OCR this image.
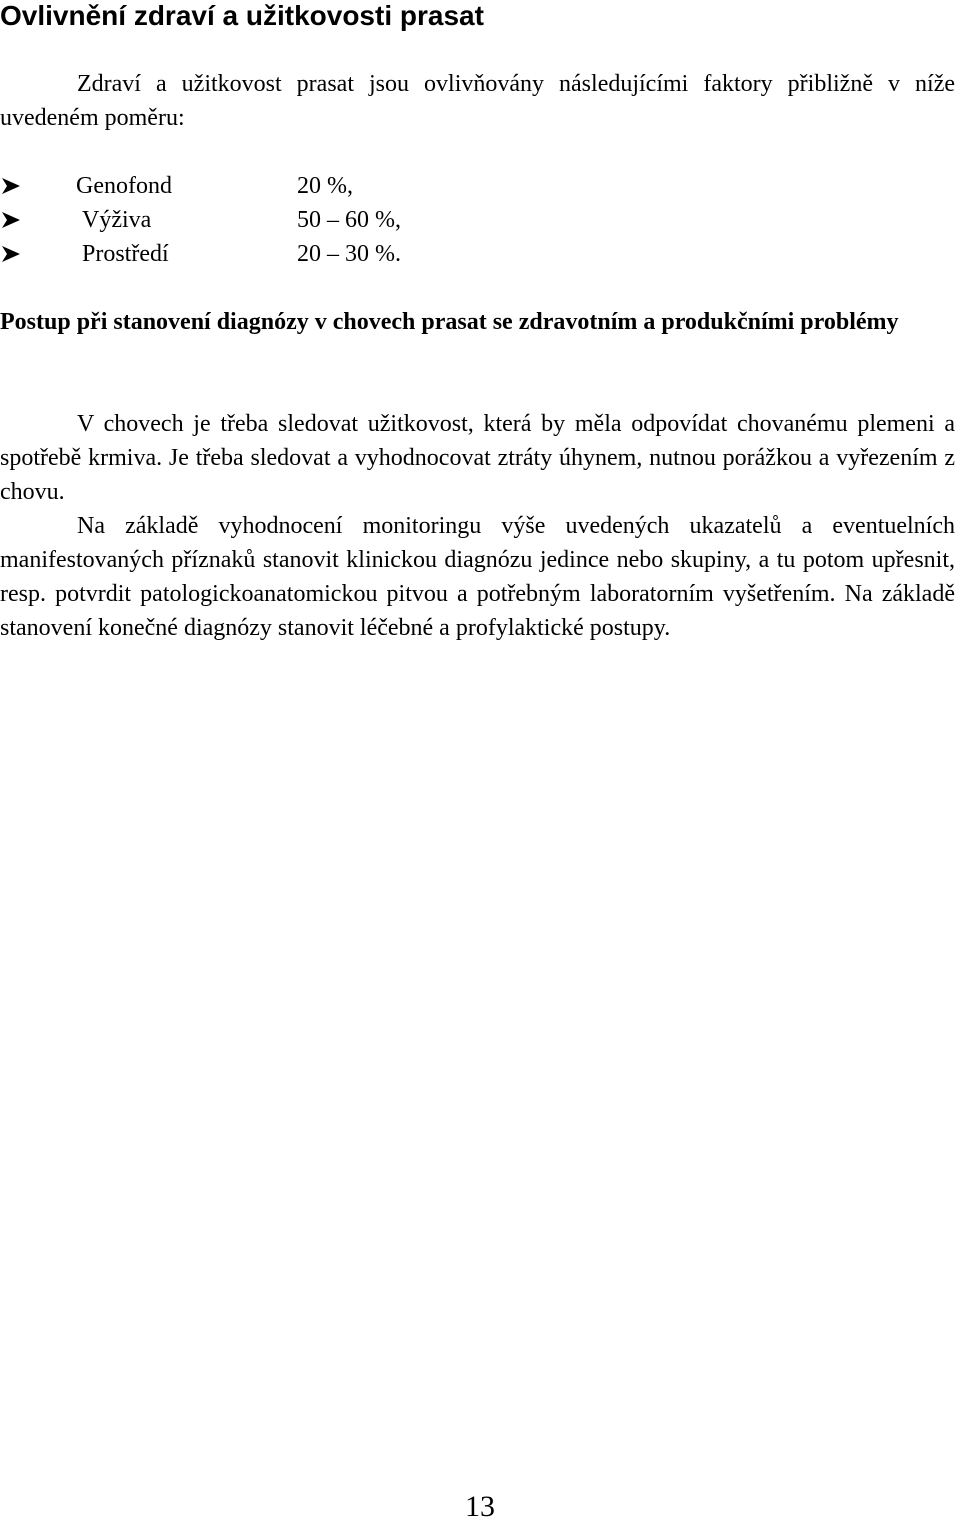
Ovlivnění zdraví a užitkovosti prasat

Zdraví a užitkovost prasat jsou ovlivňovány následujícími faktory přibližně v níže uvedeném poměru:

Genofond	20 %,
Výživa	50 – 60 %,
Prostředí	20 – 30 %.

Postup při stanovení diagnózy v chovech prasat se zdravotním a produkčními problémy

V chovech je třeba sledovat užitkovost, která by měla odpovídat chovanému plemeni a spotřebě krmiva. Je třeba sledovat a vyhodnocovat ztráty úhynem, nutnou porážkou a vyřezením z chovu.

Na základě vyhodnocení monitoringu výše uvedených ukazatelů a eventuelních manifestovaných příznaků stanovit klinickou diagnózu jedince nebo skupiny, a tu potom upřesnit, resp. potvrdit patologickoanatomickou pitvou a potřebným laboratorním vyšetřením. Na základě stanovení konečné diagnózy stanovit léčebné a profylaktické postupy.

13
